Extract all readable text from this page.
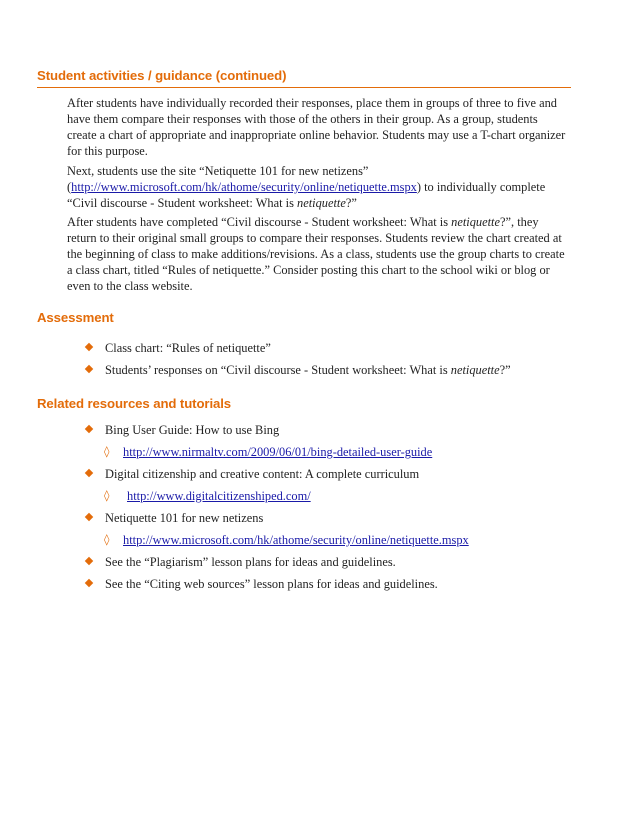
Student activities / guidance (continued)
After students have individually recorded their responses, place them in groups of three to five and have them compare their responses with those of the others in their group. As a group, students create a chart of appropriate and inappropriate online behavior. Students may use a T-chart organizer for this purpose.
Next, students use the site “Netiquette 101 for new netizens” (http://www.microsoft.com/hk/athome/security/online/netiquette.mspx) to individually complete “Civil discourse - Student worksheet: What is netiquette?”
After students have completed “Civil discourse - Student worksheet: What is netiquette?”, they return to their original small groups to compare their responses. Students review the chart created at the beginning of class to make additions/revisions. As a class, students use the group charts to create a class chart, titled “Rules of netiquette.” Consider posting this chart to the school wiki or blog or even to the class website.
Assessment
Class chart: “Rules of netiquette”
Students’ responses on “Civil discourse - Student worksheet: What is netiquette?”
Related resources and tutorials
Bing User Guide: How to use Bing
◊ http://www.nirmaltv.com/2009/06/01/bing-detailed-user-guide
Digital citizenship and creative content: A complete curriculum
◊ http://www.digitalcitizenshiped.com/
Netiquette 101 for new netizens
◊ http://www.microsoft.com/hk/athome/security/online/netiquette.mspx
See the “Plagiarism” lesson plans for ideas and guidelines.
See the “Citing web sources” lesson plans for ideas and guidelines.
